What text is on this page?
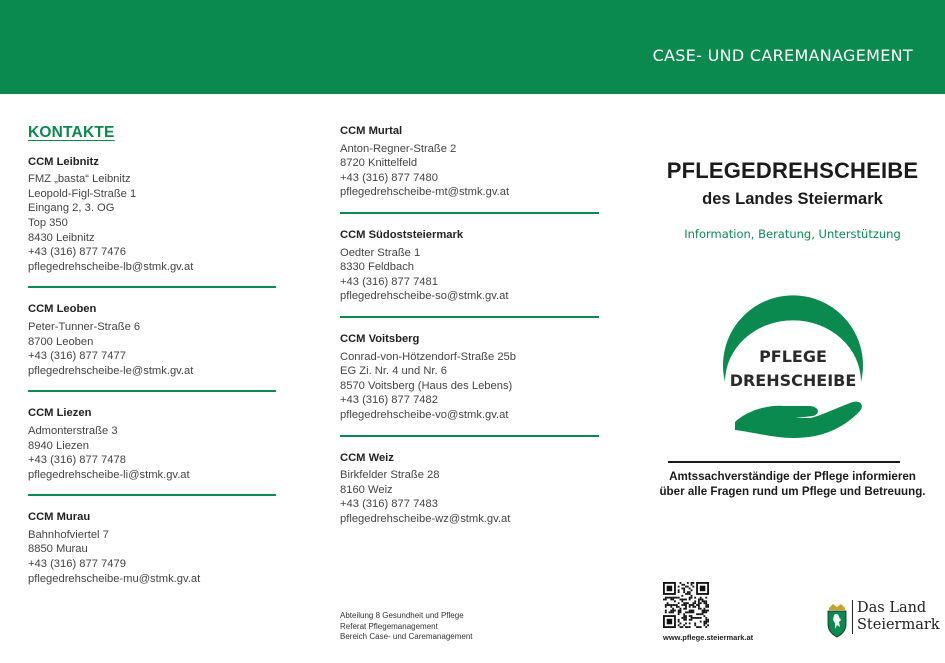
CASE- UND CAREMANAGEMENT
KONTAKTE
CCM Leibnitz
FMZ „basta“ Leibnitz
Leopold-Figl-Straße 1
Eingang 2, 3. OG
Top 350
8430 Leibnitz
+43 (316) 877 7476
pflegedrehscheibe-lb@stmk.gv.at
CCM Leoben
Peter-Tunner-Straße 6
8700 Leoben
+43 (316) 877 7477
pflegedrehscheibe-le@stmk.gv.at
CCM Liezen
Admonterstraße 3
8940 Liezen
+43 (316) 877 7478
pflegedrehscheibe-li@stmk.gv.at
CCM Murau
Bahnhofviertel 7
8850 Murau
+43 (316) 877 7479
pflegedrehscheibe-mu@stmk.gv.at
CCM Murtal
Anton-Regner-Straße 2
8720 Knittelfeld
+43 (316) 877 7480
pflegedrehscheibe-mt@stmk.gv.at
CCM Südoststeiermark
Oedter Straße 1
8330 Feldbach
+43 (316) 877 7481
pflegedrehscheibe-so@stmk.gv.at
CCM Voitsberg
Conrad-von-Hötzendorf-Straße 25b
EG Zi. Nr. 4 und Nr. 6
8570 Voitsberg (Haus des Lebens)
+43 (316) 877 7482
pflegedrehscheibe-vo@stmk.gv.at
CCM Weiz
Birkfelder Straße 28
8160 Weiz
+43 (316) 877 7483
pflegedrehscheibe-wz@stmk.gv.at
Abteilung 8 Gesundheit und Pflege
Referat Pflegemanagement
Bereich Case- und Caremanagement
PFLEGEDREHSCHEIBE
des Landes Steiermark
Information, Beratung, Unterstützung
PFLEGE
DREHSCHEIBE
Amtssachverständige der Pflege informieren
über alle Fragen rund um Pflege und Betreuung.
www.pflege.steiermark.at
Das Land
Steiermark
